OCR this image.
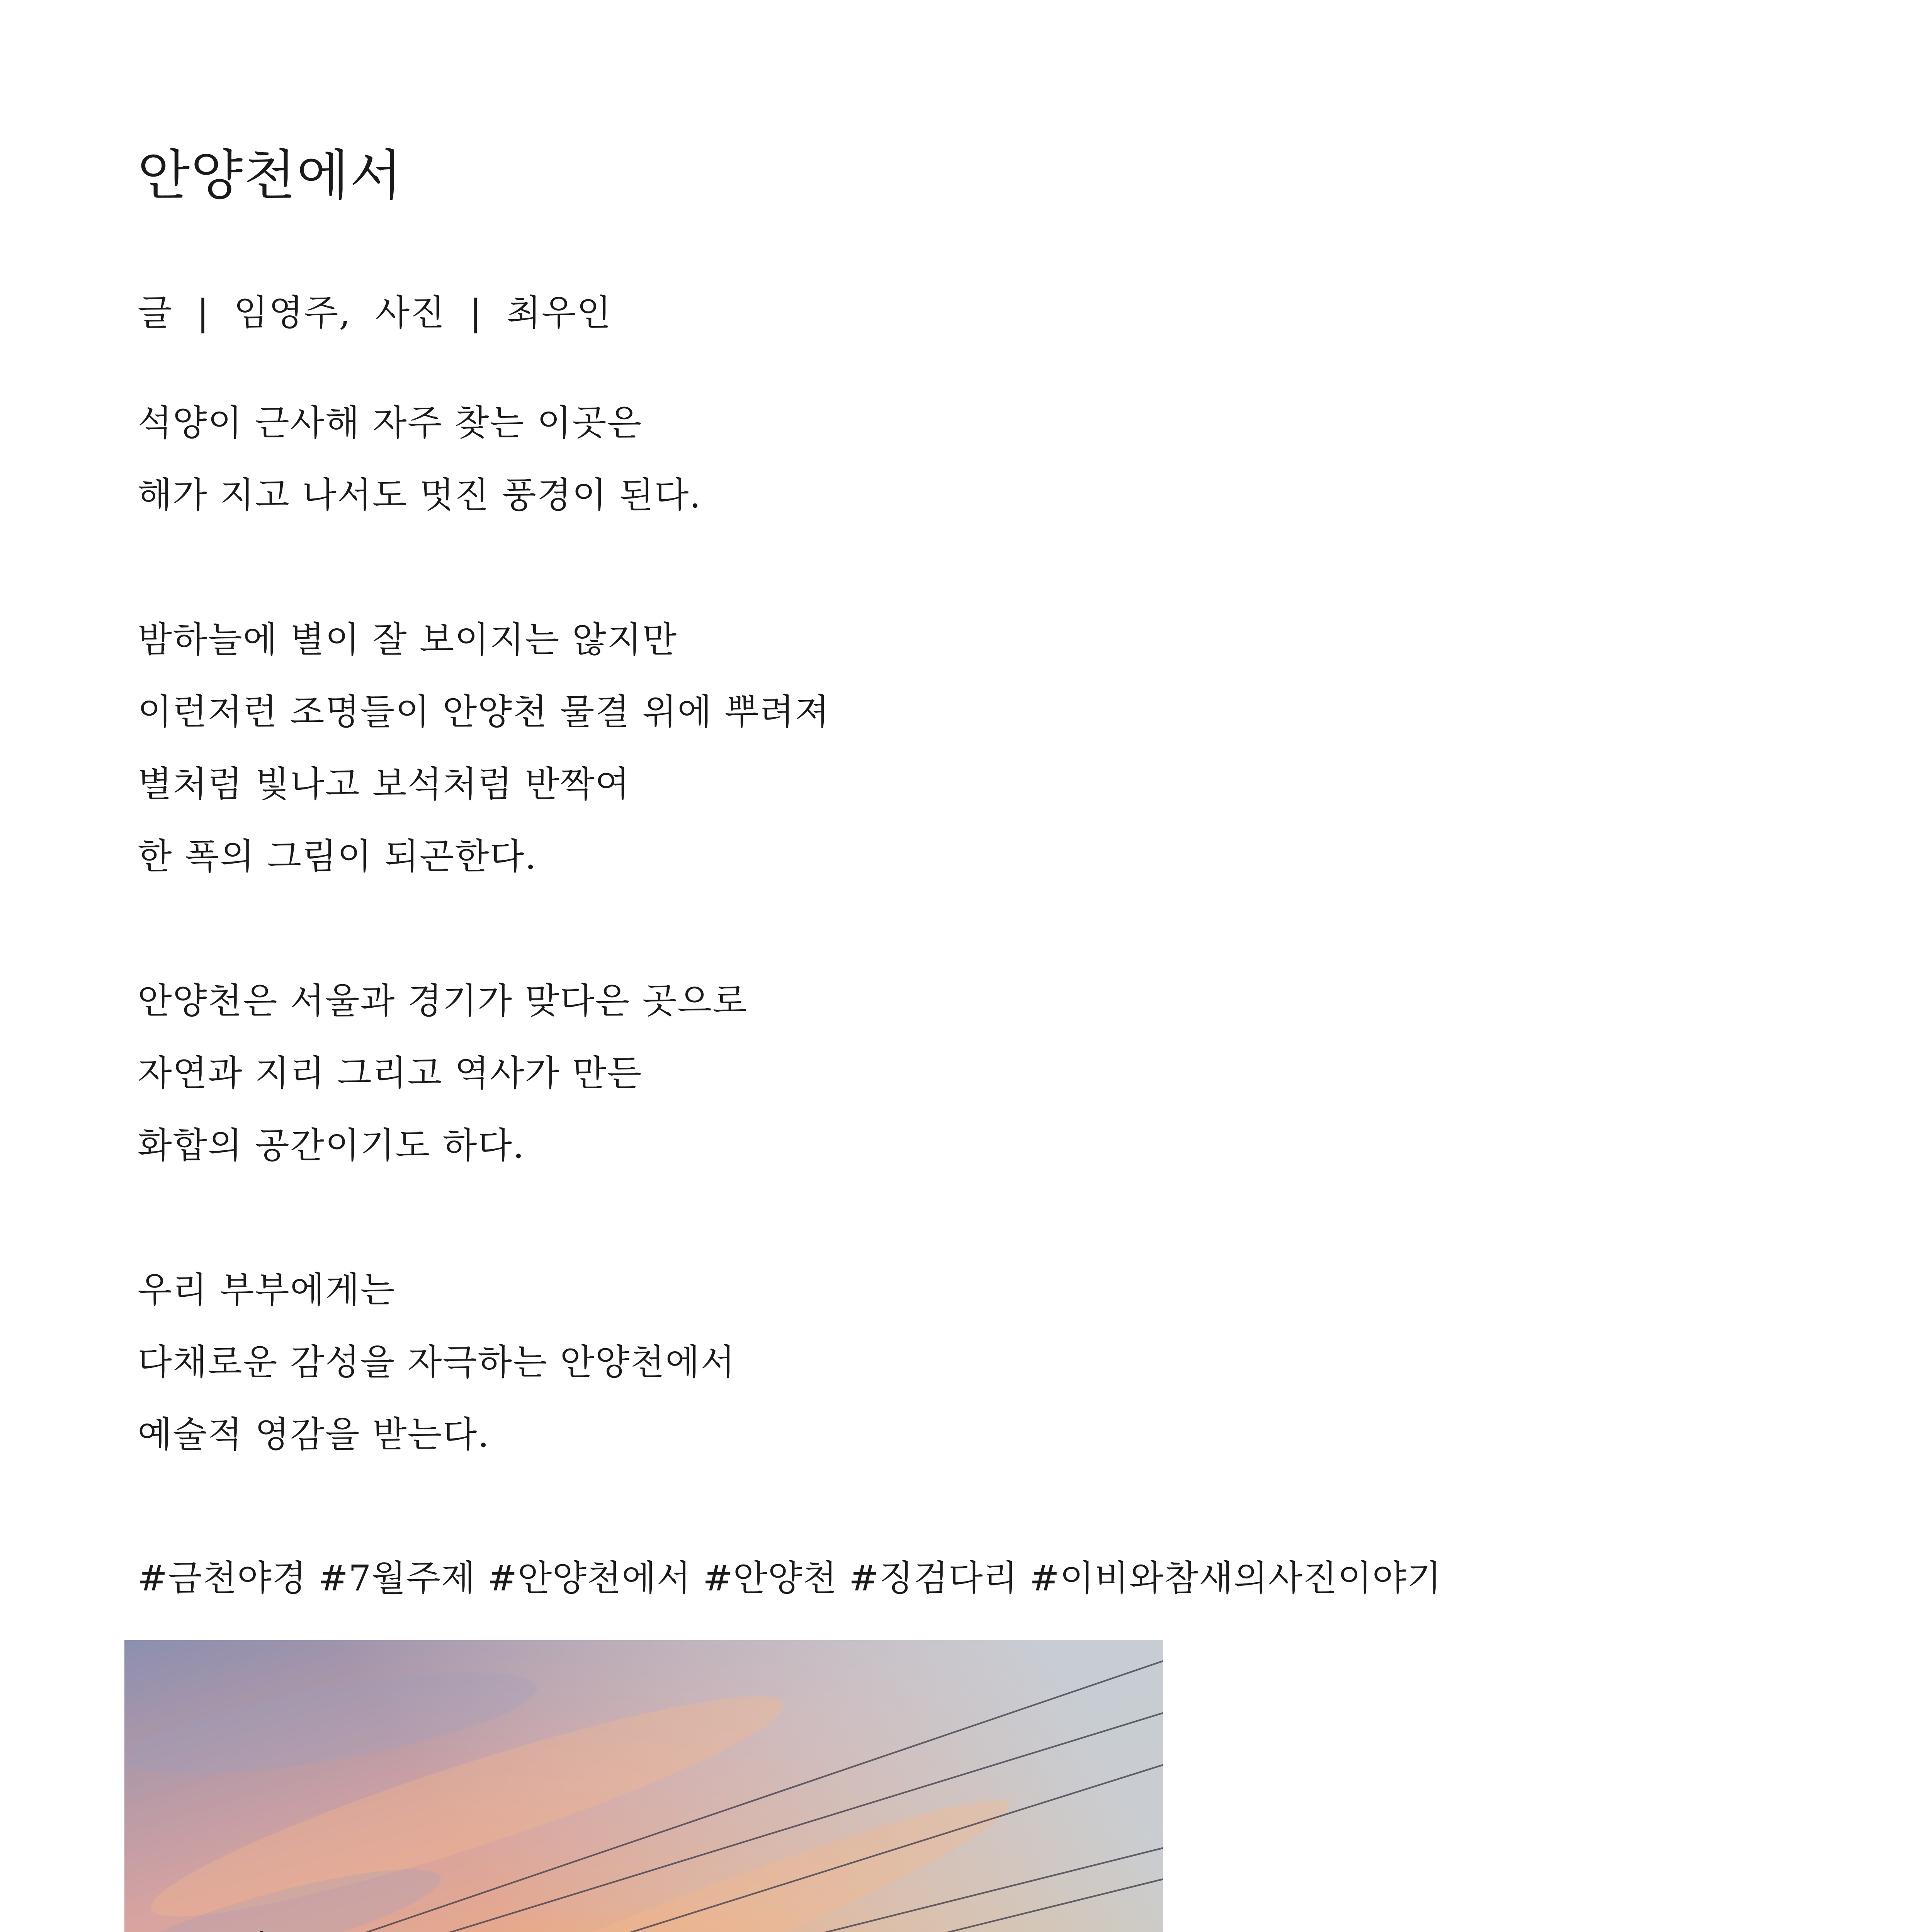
안양천에서
글  |  임영주,  사진  |  최우인
석양이 근사해 자주 찾는 이곳은
해가 지고 나서도 멋진 풍경이 된다.
밤하늘에 별이 잘 보이지는 않지만
이런저런 조명들이 안양천 물결 위에 뿌려져
별처럼 빛나고 보석처럼 반짝여
한 폭의 그림이 되곤한다.
안양천은 서울과 경기가 맞다은 곳으로
자연과 지리 그리고 역사가 만든
화합의 공간이기도 하다.
우리 부부에게는
다채로운 감성을 자극하는 안양천에서
예술적 영감을 받는다.
#금천야경 #7월주제 #안양천에서 #안양천 #징검다리 #이비와참새의사진이야기
